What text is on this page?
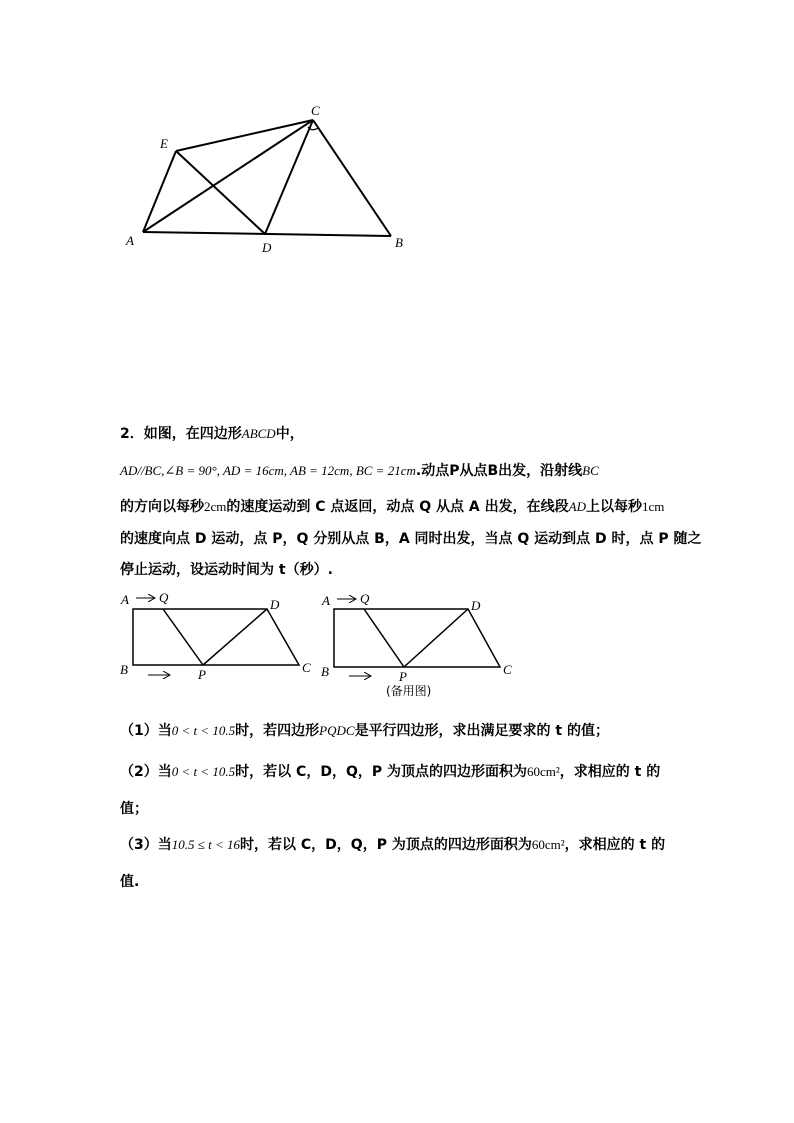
E
C
A	D	B
2．如图，在四边形ABCD中，
AD//BC,∠B = 90°, AD = 16cm, AB = 12cm, BC = 21cm.动点P从点B出发，沿射线BC
的方向以每秒2cm的速度运动到 C 点返回，动点 Q 从点 A 出发，在线段AD上以每秒1cm
的速度向点 D 运动，点 P，Q 分别从点 B，A 同时出发，当点 Q 运动到点 D 时，点 P 随之
停止运动，设运动时间为 t（秒）.
A Q	D
B	P	C
A Q	D
B	P	C
(备用图)
（1）当0 < t < 10.5时，若四边形PQDC是平行四边形，求出满足要求的 t 的值；
（2）当0 < t < 10.5时，若以 C，D，Q，P 为顶点的四边形面积为60cm²，求相应的 t 的
值；
（3）当10.5 ≤ t < 16时，若以 C，D，Q，P 为顶点的四边形面积为60cm²，求相应的 t 的
值.
